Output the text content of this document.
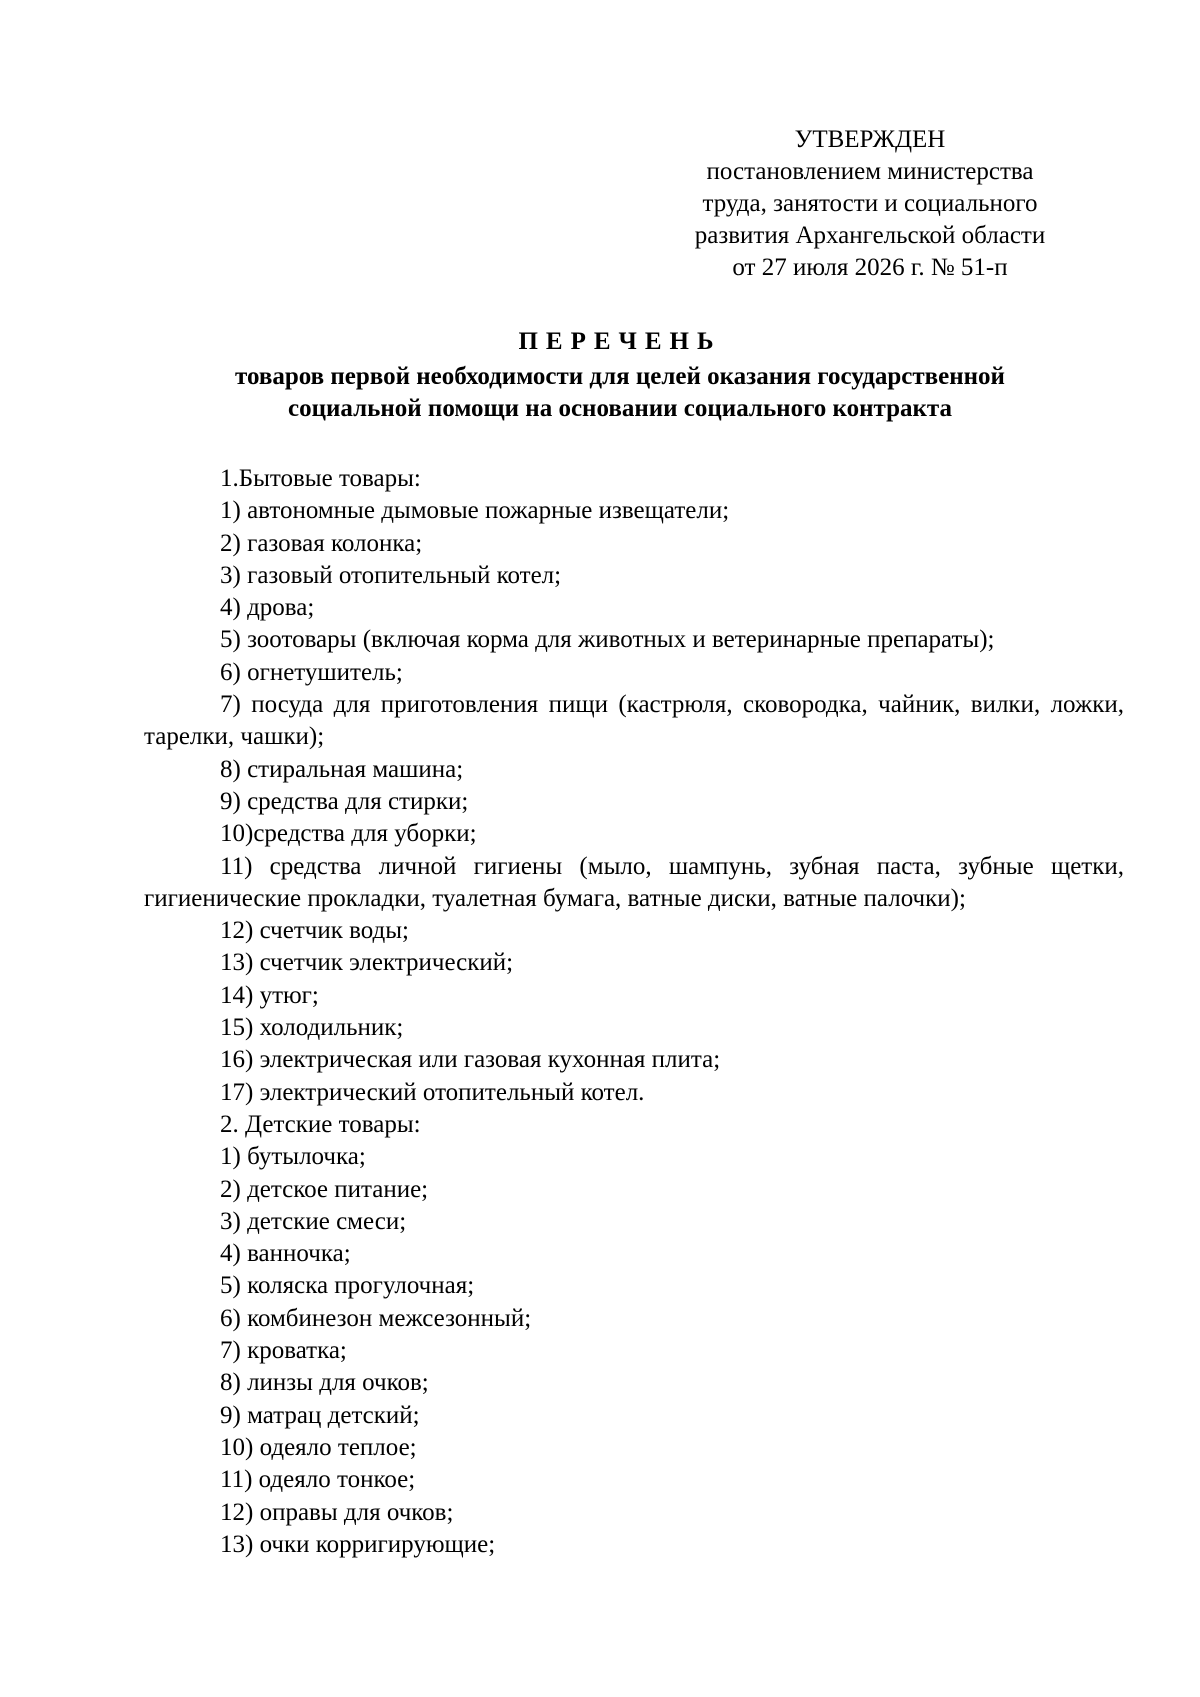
УТВЕРЖДЕН
постановлением министерства
труда, занятости и социального
развития Архангельской области
от 27 июля 2026 г. № 51-п
ПЕРЕЧЕНЬ
товаров первой необходимости для целей оказания государственной
социальной помощи на основании социального контракта
1.Бытовые товары:
1) автономные дымовые пожарные извещатели;
2) газовая колонка;
3) газовый отопительный котел;
4) дрова;
5) зоотовары (включая корма для животных и ветеринарные препараты);
6) огнетушитель;
7) посуда для приготовления пищи (кастрюля, сковородка, чайник, вилки, ложки, тарелки, чашки);
8) стиральная машина;
9) средства для стирки;
10)средства для уборки;
11) средства личной гигиены (мыло, шампунь, зубная паста, зубные щетки, гигиенические прокладки, туалетная бумага, ватные диски, ватные палочки);
12) счетчик воды;
13) счетчик электрический;
14) утюг;
15) холодильник;
16) электрическая или газовая кухонная плита;
17) электрический отопительный котел.
2. Детские товары:
1) бутылочка;
2) детское питание;
3) детские смеси;
4) ванночка;
5) коляска прогулочная;
6) комбинезон межсезонный;
7) кроватка;
8) линзы для очков;
9) матрац детский;
10) одеяло теплое;
11) одеяло тонкое;
12) оправы для очков;
13) очки корригирующие;
